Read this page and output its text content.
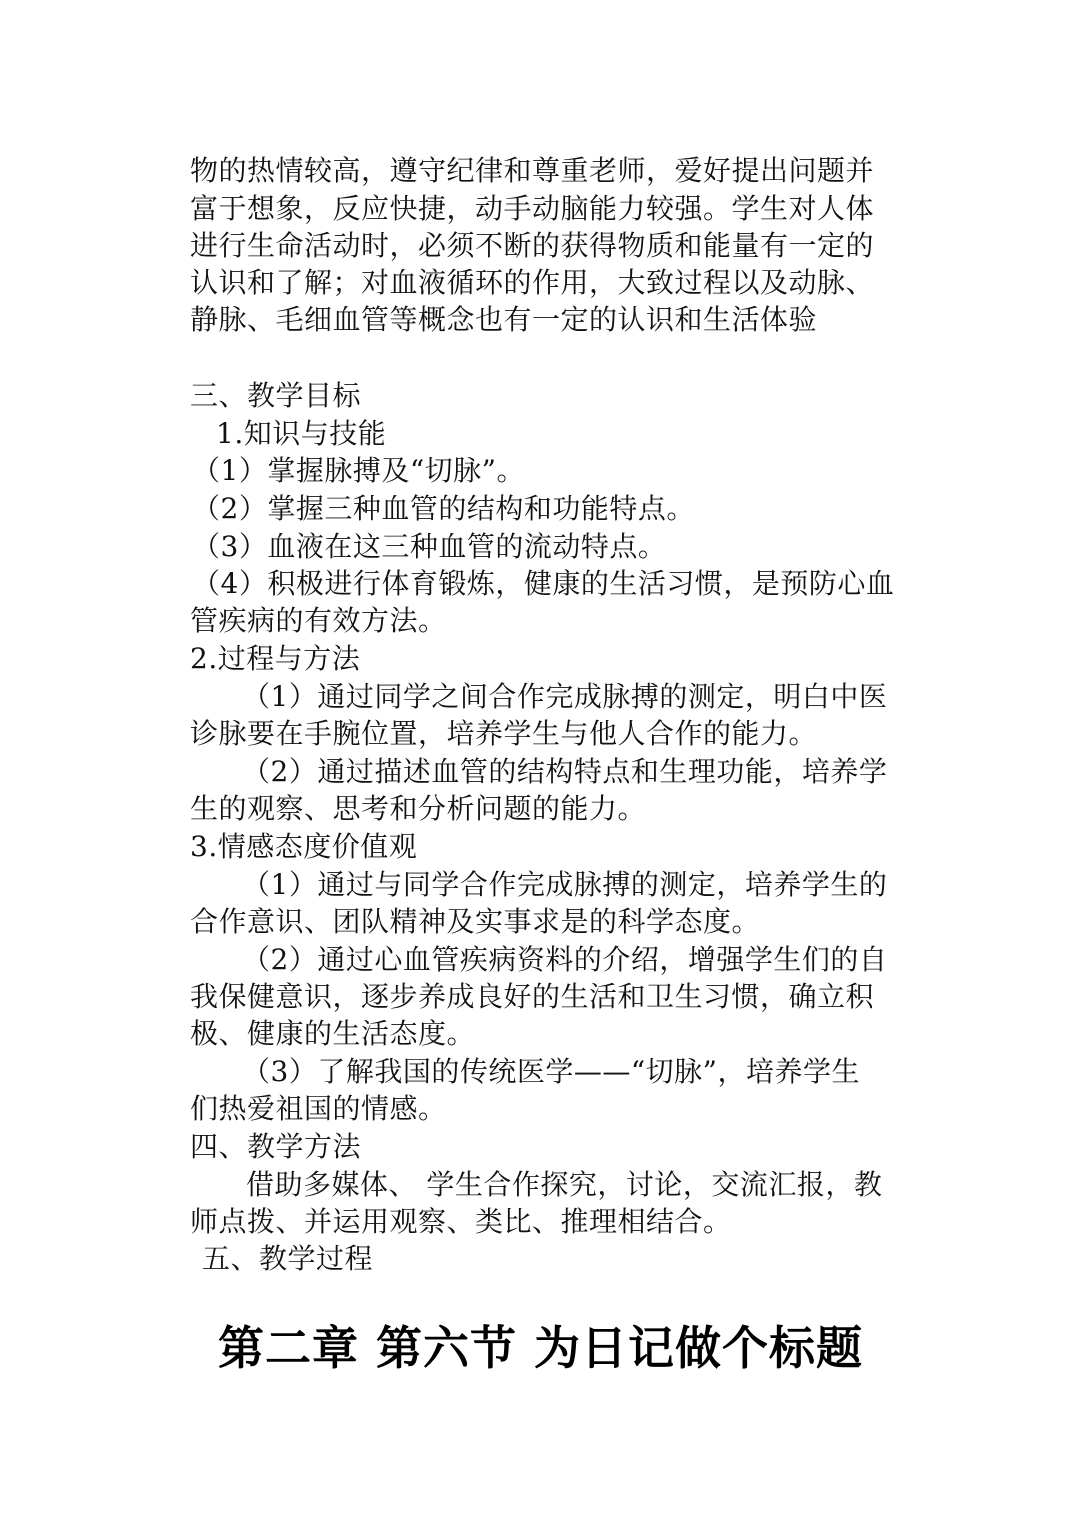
物的热情较高，遵守纪律和尊重老师，爱好提出问题并
富于想象，反应快捷，动手动脑能力较强。学生对人体
进行生命活动时，必须不断的获得物质和能量有一定的
认识和了解；对血液循环的作用，大致过程以及动脉、
静脉、毛细血管等概念也有一定的认识和生活体验
三、教学目标
1.知识与技能
（1）掌握脉搏及“切脉”。
（2）掌握三种血管的结构和功能特点。
（3）血液在这三种血管的流动特点。
（4）积极进行体育锻炼，健康的生活习惯，是预防心血
管疾病的有效方法。
2.过程与方法
（1）通过同学之间合作完成脉搏的测定，明白中医
诊脉要在手腕位置，培养学生与他人合作的能力。
（2）通过描述血管的结构特点和生理功能，培养学
生的观察、思考和分析问题的能力。
3.情感态度价值观
（1）通过与同学合作完成脉搏的测定，培养学生的
合作意识、团队精神及实事求是的科学态度。
（2）通过心血管疾病资料的介绍，增强学生们的自
我保健意识，逐步养成良好的生活和卫生习惯，确立积
极、健康的生活态度。
（3）了解我国的传统医学——“切脉”，培养学生
们热爱祖国的情感。
四、教学方法
借助多媒体、 学生合作探究，讨论，交流汇报，教
师点拨、并运用观察、类比、推理相结合。
五、教学过程
第二章 第六节 为日记做个标题
